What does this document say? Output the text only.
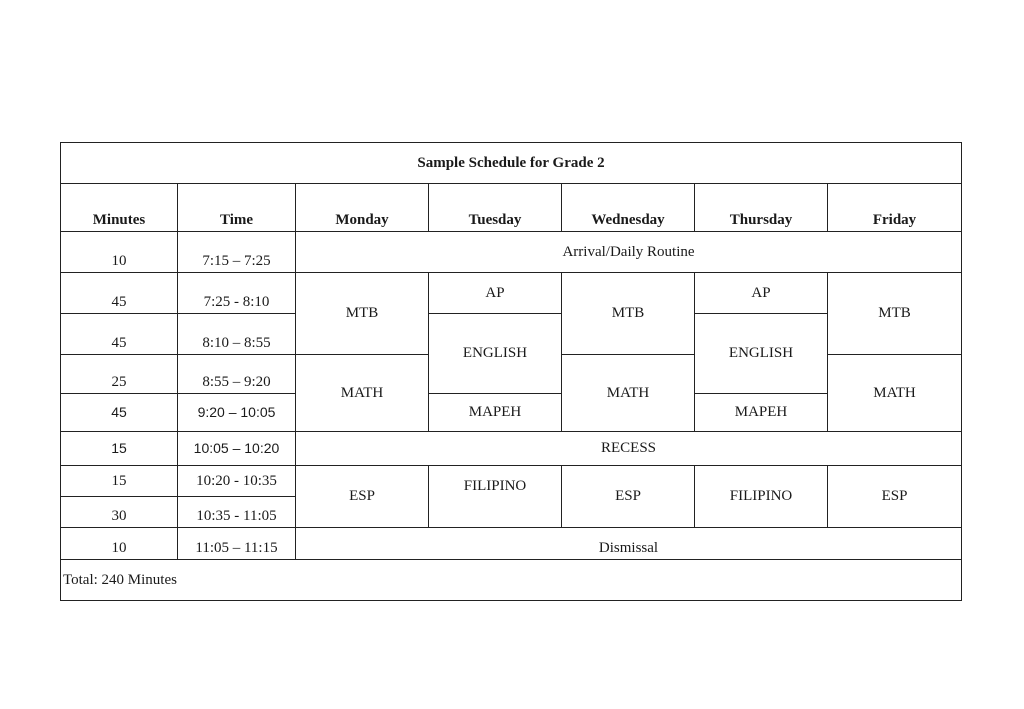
Sample Schedule for Grade 2						
Minutes	Time	Monday	Tuesday	Wednesday	Thursday	Friday
10	7:15 – 7:25	Arrival/Daily Routine				
45	7:25 - 8:10	MTB	AP	MTB	AP	MTB
45	8:10 – 8:55		ENGLISH		ENGLISH	
25	8:55 – 9:20	MATH		MATH		MATH
45	9:20 – 10:05		MAPEH		MAPEH	
15	10:05 – 10:20	RECESS				
15	10:20 - 10:35	ESP	FILIPINO	ESP	FILIPINO	ESP
30	10:35 - 11:05					
10	11:05 – 11:15	Dismissal				
Total: 240 Minutes						
